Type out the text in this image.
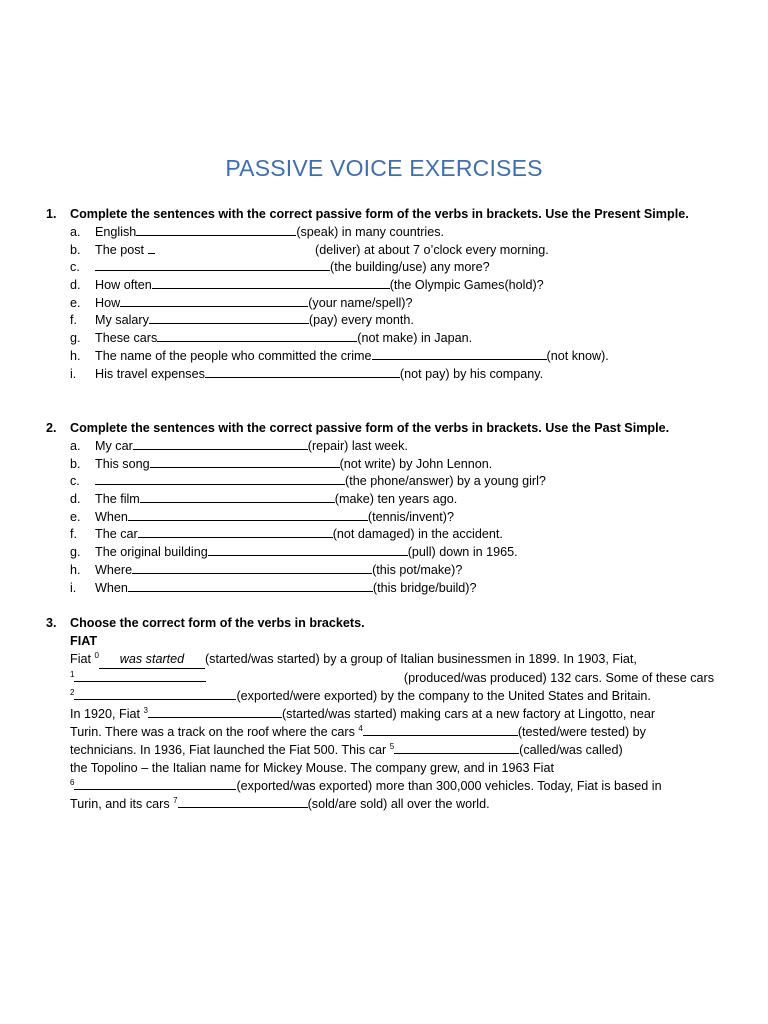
PASSIVE VOICE EXERCISES
1.	Complete the sentences with the correct passive form of the verbs in brackets. Use the Present Simple.
a.	English	(speak) in many countries.
b.	The post	(deliver) at about 7 o’clock every morning.
c.	(the building/use) any more?
d.	How often	(the Olympic Games(hold)?
e.	How	(your name/spell)?
f.	My salary	(pay) every month.
g.	These cars	(not make) in Japan.
h.	The name of the people who committed the crime	(not know).
i.	His travel expenses	(not pay) by his company.
2.	Complete the sentences with the correct passive form of the verbs in brackets. Use the Past Simple.
a.	My car	(repair) last week.
b.	This song	(not write) by John Lennon.
c.	(the phone/answer) by a young girl?
d.	The film	(make) ten years ago.
e.	When	(tennis/invent)?
f.	The car	(not damaged) in the accident.
g.	The original building	(pull) down in 1965.
h.	Where	(this pot/make)?
i.	When	(this bridge/build)?
3.	Choose the correct form of the verbs in brackets.

FIAT

Fiat $^0$ was started (started/was started) by a group of Italian businessmen in 1899. In 1903, Fiat,

$^1$	(produced/was produced) 132 cars. Some of these cars

$^2$	(exported/were exported) by the company to the United States and Britain.

In 1920, Fiat $^3$	(started/was started) making cars at a new factory at Lingotto, near

Turin. There was a track on the roof where the cars $^4$	(tested/were tested) by

technicians. In 1936, Fiat launched the Fiat 500. This car $^5$	(called/was called)

the Topolino – the Italian name for Mickey Mouse. The company grew, and in 1963 Fiat

$^6$	(exported/was exported) more than 300,000 vehicles. Today, Fiat is based in

Turin, and its cars $^7$	(sold/are sold) all over the world.
